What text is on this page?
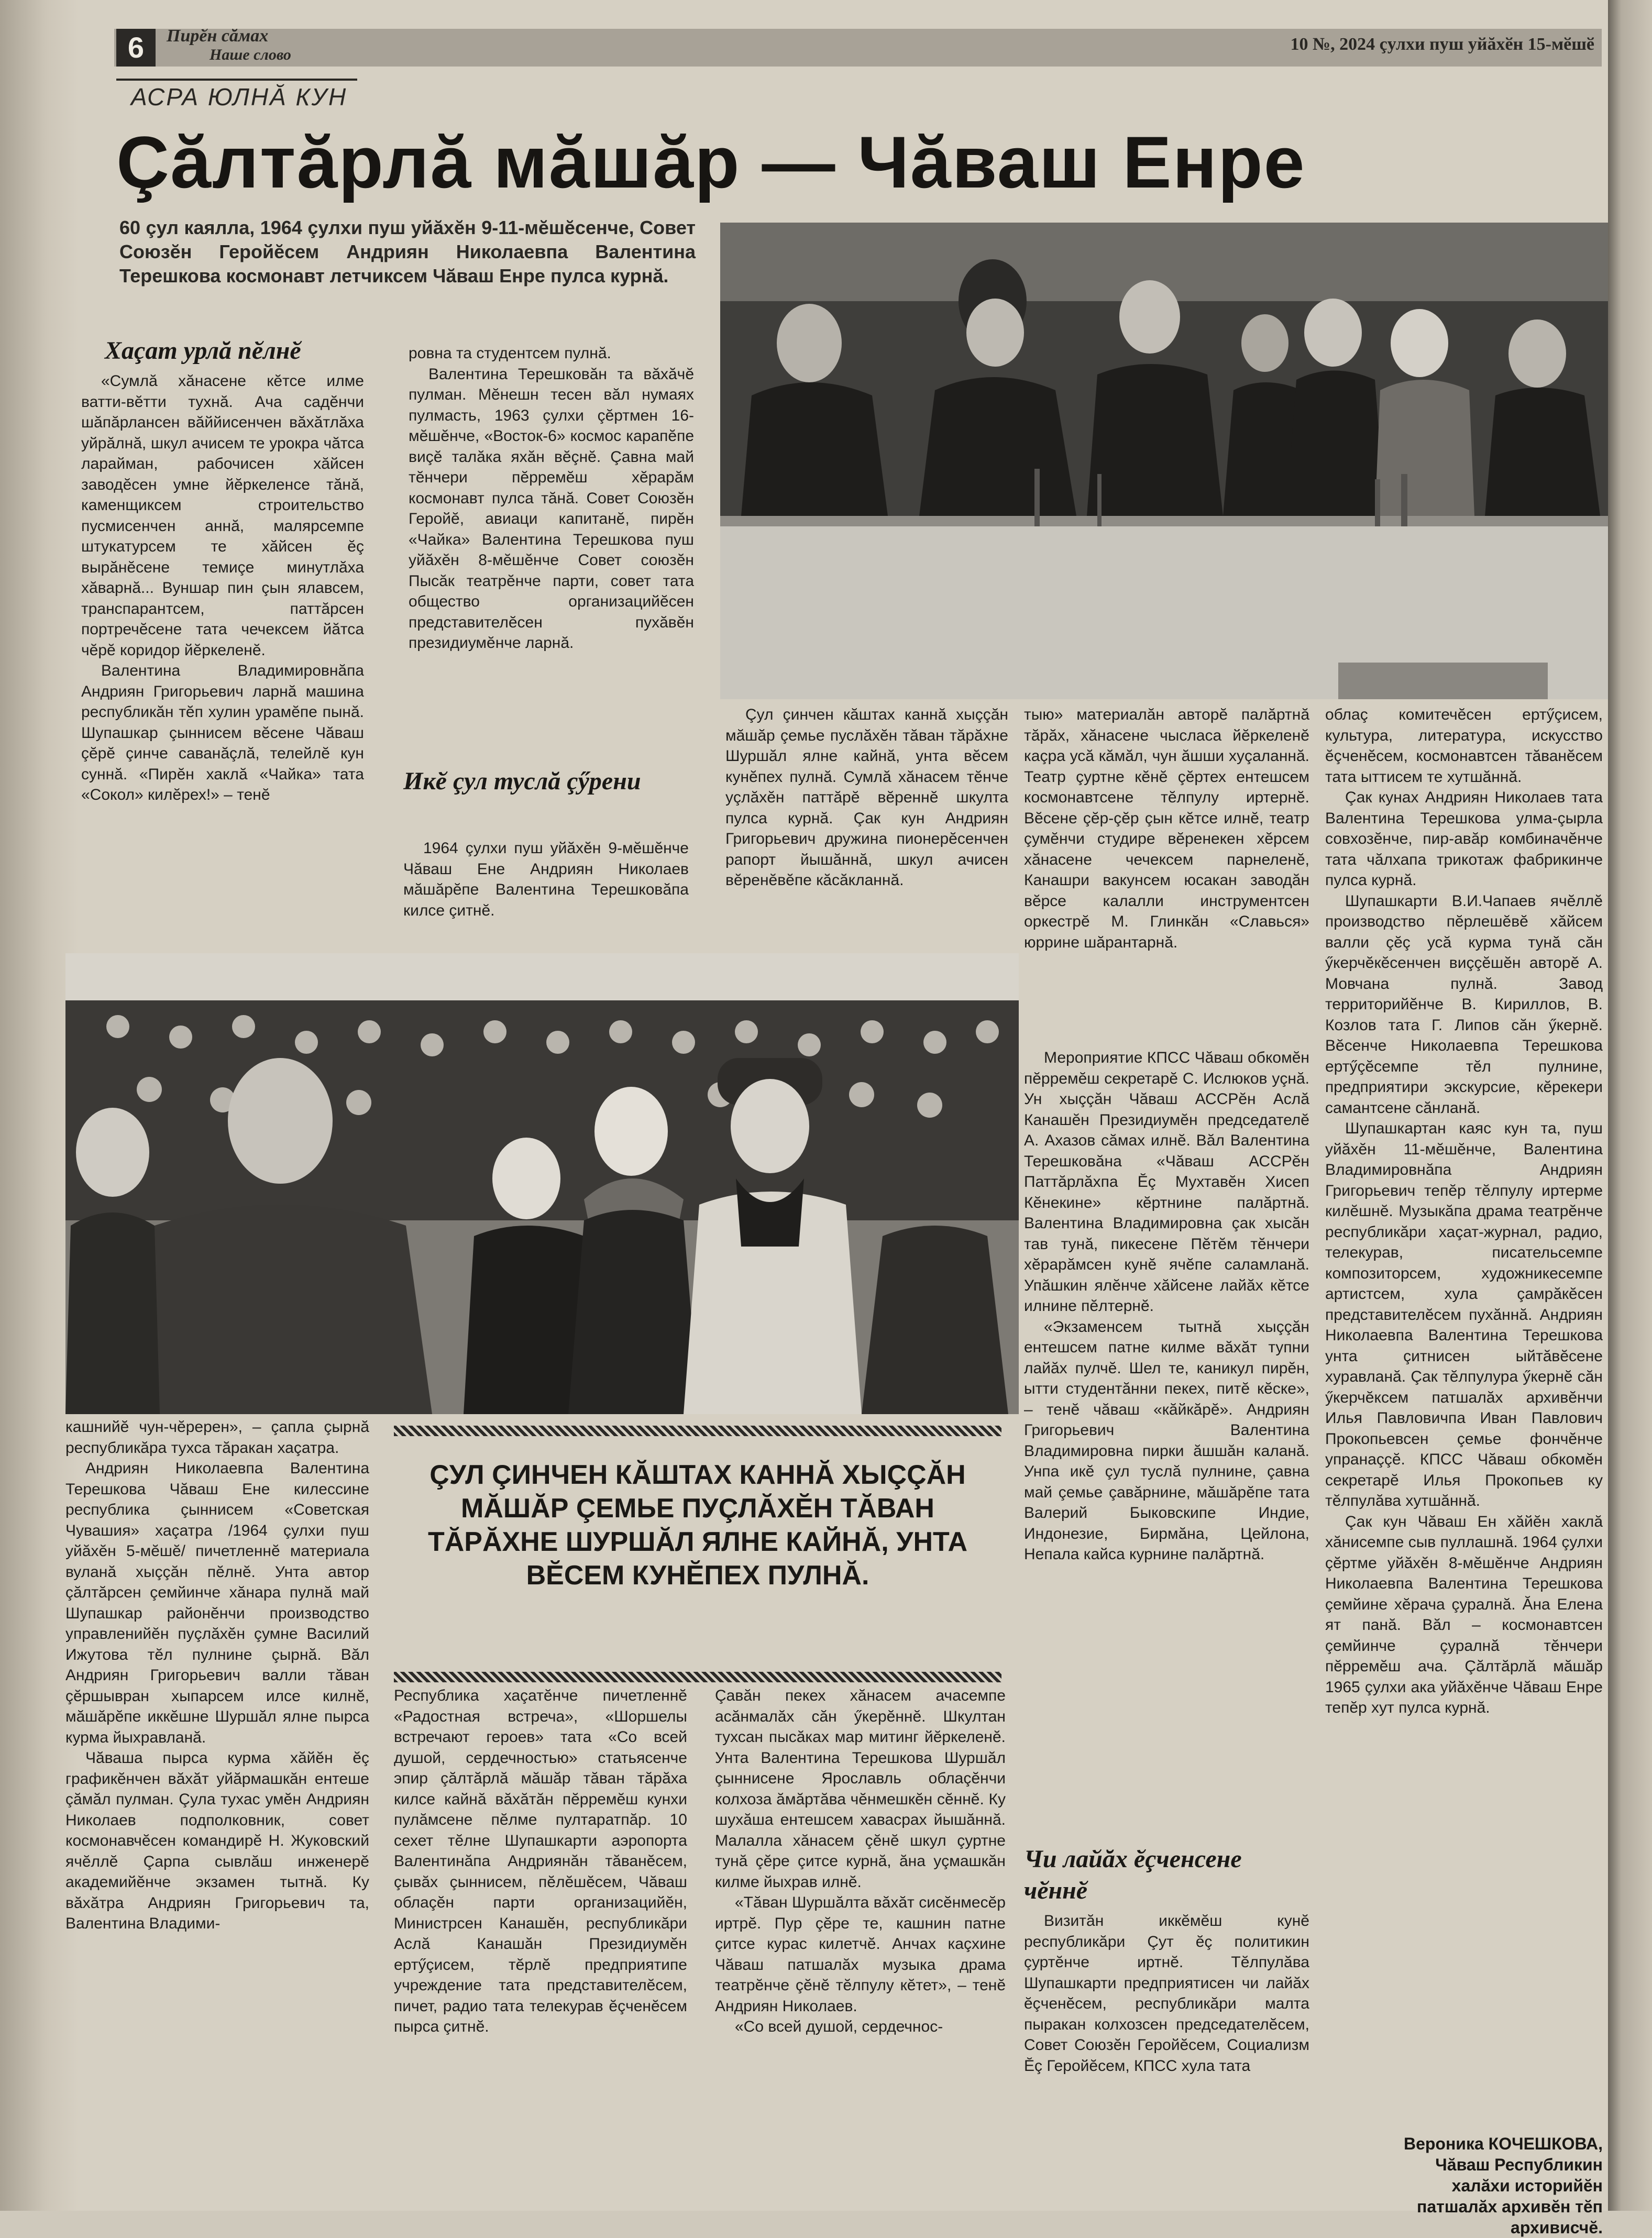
6	Пирӗн сăмах
Наше слово
10 №, 2024 çулхи пуш уйăхӗн 15-мӗшӗ
АСРА ЮЛНĂ КУН
Çăлтăрлă мăшăр — Чăваш Енре
60 çул каялла, 1964 çулхи пуш уйăхӗн 9-11-мӗшӗсенче, Совет Союзӗн Геройӗсем Андриян Николаевпа Валентина Терешкова космонавт летчиксем Чăваш Енре пулса курнă.
Хаçат урлă пӗлнӗ

«Сумлă хăнасене кӗтсе илме ватти-вӗтти тухнă. Ача садӗнчи шăпăрлансен вăййисенчен вăхăтлăха уйрăлнă, шкул ачисем те урокра чăтса ларайман, рабочисен хăйсен заводӗсен умне йӗркеленсе тăнă, каменщиксем строительство пусмисенчен аннă, малярсемпе штукатурсем те хăйсен ӗç вырăнӗсене темиçе минутлăха хăварнă... Вуншар пин çын ялавсем, транспарантсем, паттăрсен портречӗсене тата чечексем йăтса чӗрӗ коридор йӗркеленӗ.

Валентина Владимировнăпа Андриян Григорьевич ларнă машина республикăн тӗп хулин урамӗпе пынă. Шупашкар çыннисем вӗсене Чăваш çӗрӗ çинче саванăçлă, телейлӗ кун суннă. «Пирӗн хаклă «Чайка» тата «Сокол» килӗрех!» – тенӗ

ровна та студентсем пулнă.

Валентина Терешковăн та вăхăчӗ пулман. Мӗнешн тесен вăл нумаях пулмасть, 1963 çулхи çӗртмен 16-мӗшӗнче, «Восток-6» космос карапӗпе виçӗ талăка яхăн вӗçнӗ. Çавна май тӗнчери пӗрремӗш хӗрарăм космонавт пулса тăнă. Совет Союзӗн Геройӗ, авиаци капитанӗ, пирӗн «Чайка» Валентина Терешкова пуш уйăхӗн 8-мӗшӗнче Совет союзӗн Пысăк театрӗнче парти, совет тата общество организацийӗсен представителӗсен пухăвӗн президиумӗнче ларнă.

Икӗ çул туслă çӳрени

1964 çулхи пуш уйăхӗн 9-мӗшӗнче Чăваш Ене Андриян Николаев мăшăрӗпе Валентина Терешковăпа килсе çитнӗ.

Çул çинчен кăштах каннă хыççăн мăшăр çемье пуслăхӗн тăван тăрăхне Шуршăл ялне кайнă, унта вӗсем кунӗпех пулнă. Сумлă хăнасем тӗнче уçлăхӗн паттăрӗ вӗреннӗ шкулта пулса курнă. Çак кун Андриян Григорьевич дружина пионерӗсенчен рапорт йышăннă, шкул ачисен вӗренӗвӗпе кăсăкланнă.

тыю» материалăн авторӗ палăртнă тăрăх, хăнасене чысласа йӗркеленӗ каçра усă кăмăл, чун ăшши хуçаланнă. Театр çуртне кӗнӗ çӗртех ентешсем космонавтсене тӗлпулу иртернӗ. Вӗсене çӗр-çӗр çын кӗтсе илнӗ, театр çумӗнчи студире вӗренекен хӗрсем хăнасене чечексем парнеленӗ, Канашри вакунсем юсакан заводăн вӗрсе калалли инструментсен оркестрӗ М. Глинкăн «Славься» юррине шăрантарнă.

Мероприятие КПСС Чăваш обкомӗн пӗрремӗш секретарӗ С. Ислюков уçнă. Ун хыççăн Чăваш АССРӗн Аслă Канашӗн Президиумӗн председателӗ А. Ахазов сăмах илнӗ. Вăл Валентина Терешковăна «Чăваш АССРӗн Паттăрлăхпа Ӗç Мухтавӗн Хисеп Кӗнекине» кӗртнине палăртнă. Валентина Владимировна çак хысăн тав тунă, пикесене Пӗтӗм тӗнчери хӗрарăмсен кунӗ ячӗпе саламланă. Упăшкин ялӗнче хăйсене лайăх кӗтсе илнине пӗлтернӗ.

«Экзаменсем тытнă хыççăн ентешсем патне килме вăхăт тупни лайăх пулчӗ. Шел те, каникул пирӗн, ытти студентăнни пекех, питӗ кӗске», – тенӗ чăваш «кăйкăрӗ». Андриян Григорьевич Валентина Владимировна пирки ăшшăн каланă. Унпа икӗ çул туслă пулнине, çавна май çемье çавăрнине, мăшăрӗпе тата Валерий Быковскипе Индие, Индонезие, Бирмăна, Цейлона, Непала кайса курнине палăртнă.

Чи лайăх ӗçченсене чӗннӗ

Визитăн иккӗмӗш кунӗ республикăри Çут ӗç политикин çуртӗнче иртнӗ. Тӗлпулăва Шупашкарти предприятисен чи лайăх ӗçченӗсем, республикăри малта пыракан колхозсен председателӗсем, Совет Союзӗн Геройӗсем, Социализм Ӗç Геройӗсем, КПСС хула тата

облаç комитечӗсен ертӳçисем, культура, литература, искусство ӗçченӗсем, космонавтсен тăванӗсем тата ыттисем те хутшăннă.

Çак кунах Андриян Николаев тата Валентина Терешкова улма-çырла совхозӗнче, пир-авăр комбиначӗнче тата чăлхапа трикотаж фабрикинче пулса курнă.

Шупашкарти В.И.Чапаев ячӗллӗ производство пӗрлешӗвӗ хăйсем валли çӗç усă курма тунă сăн ӳкерчӗкӗсенчен виççӗшӗн авторӗ А. Мовчана пулнă. Завод территорийӗнче В. Кириллов, В. Козлов тата Г. Липов сăн ӳкернӗ. Вӗсенче Николаевпа Терешкова ертӳçӗсемпе тӗл пулнине, предприятири экскурсие, кӗрекери самантсене сăнланă.

Шупашкартан каяс кун та, пуш уйăхӗн 11-мӗшӗнче, Валентина Владимировнăпа Андриян Григорьевич тепӗр тӗлпулу иртерме килӗшнӗ. Музыкăпа драма театрӗнче республикăри хаçат-журнал, радио, телекурав, писательсемпе композиторсем, художникесемпе артистсем, хула çамрăкӗсен представителӗсем пухăннă. Андриян Николаевпа Валентина Терешкова унта çитнисен ыйтăвӗсене хуравланă. Çак тӗлпулура ӳкернӗ сăн ӳкерчӗксем патшалăх архивӗнчи Илья Павловичпа Иван Павлович Прокопьевсен çемье фончӗнче упранаççӗ. КПСС Чăваш обкомӗн секретарӗ Илья Прокопьев ку тӗлпулăва хутшăннă.

Çак кун Чăваш Ен хăйӗн хаклă хăнисемпе сыв пуллашнă. 1964 çулхи çӗртме уйăхӗн 8-мӗшӗнче Андриян Николаевпа Валентина Терешкова çемйине хӗрача çуралнă. Ăна Елена ят панă. Вăл – космонавтсен çемйинче çуралнă тӗнчери пӗрремӗш ача. Çăлтăрлă мăшăр 1965 çулхи ака уйăхӗнче Чăваш Енре тепӗр хут пулса курнă.

кашнийӗ чун-чӗререн», – çапла çырнă республикăра тухса тăракан хаçатра.

Андриян Николаевпа Валентина Терешкова Чăваш Ене килессине республика çыннисем «Советская Чувашия» хаçатра /1964 çулхи пуш уйăхӗн 5-мӗшӗ/ пичетленнӗ материала вуланă хыççăн пӗлнӗ. Унта автор çăлтăрсен çемйинче хăнара пулнă май Шупашкар районӗнчи производство управленийӗн пуçлăхӗн çумне Василий Ижутова тӗл пулнине çырнă. Вăл Андриян Григорьевич валли тăван çӗршывран хыпарсем илсе килнӗ, мăшăрӗпе иккӗшне Шуршăл ялне пырса курма йыхравланă.

Чăваша пырса курма хăйӗн ӗç графикӗнчен вăхăт уйăрмашкăн ентеше çăмăл пулман. Çула тухас умӗн Андриян Николаев подполковник, совет космонавчӗсен командирӗ Н. Жуковский ячӗллӗ Çарпа сывлăш инженерӗ академийӗнче экзамен тытнă. Ку вăхăтра Андриян Григорьевич та, Валентина Владими-

ÇУЛ ÇИНЧЕН КĂШТАХ КАННĂ ХЫÇÇĂН МĂШĂР ÇЕМЬЕ ПУÇЛĂХӖН ТĂВАН ТĂРĂХНЕ ШУРШĂЛ ЯЛНЕ КАЙНĂ, УНТА ВӖСЕМ КУНӖПЕХ ПУЛНĂ.

Республика хаçатӗнче пичетленнӗ «Радостная встреча», «Шоршелы встречают героев» тата «Со всей душой, сердечностью» статьясенче эпир çăлтăрлă мăшăр тăван тăрăха килсе кайнă вăхăтăн пӗрремӗш кунхи пулăмсене пӗлме пултаратпăр. 10 сехет тӗлне Шупашкарти аэропорта Валентинăпа Андриянăн тăванӗсем, çывăх çыннисем, пӗлӗшӗсем, Чăваш облаçӗн парти организацийӗн, Министрсен Канашӗн, республикăри Аслă Канашăн Президиумӗн ертӳçисем, тӗрлӗ предприятипе учреждение тата представителӗсем, пичет, радио тата телекурав ӗçченӗсем пырса çитнӗ.

Çавăн пекех хăнасем ачасемпе асăнмалăх сăн ӳкерӗннӗ. Шкултан тухсан пысăках мар митинг йӗркеленӗ. Унта Валентина Терешкова Шуршăл çыннисене Ярославль облаçӗнчи колхоза ăмăртăва чӗнмешкӗн сӗннӗ. Ку шухăша ентешсем хавасрах йышăннă. Малалла хăнасем çӗнӗ шкул çуртне тунă çӗре çитсе курнă, ăна уçмашкăн килме йыхрав илнӗ.

«Тăван Шуршăлта вăхăт сисӗнмесӗр иртрӗ. Пур çӗре те, кашнин патне çитсе курас килетчӗ. Анчах каçхине Чăваш патшалăх музыка драма театрӗнче çӗнӗ тӗлпулу кӗтет», – тенӗ Андриян Николаев.

«Со всей душой, сердечнос-

Вероника КОЧЕШКОВА,
Чăваш Республикин
халăхи историйӗн
патшалăх архивӗн тӗп
архивисчӗ.
